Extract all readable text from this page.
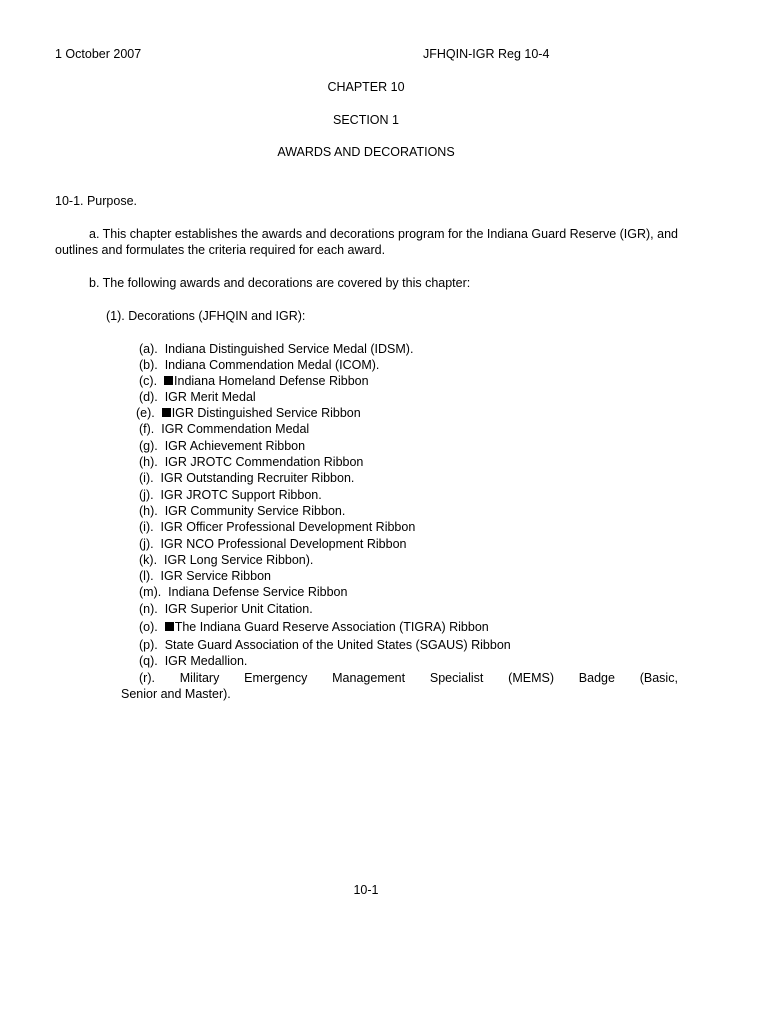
1 October 2007	JFHQIN-IGR Reg 10-4
CHAPTER 10
SECTION 1
AWARDS AND DECORATIONS
10-1. Purpose.
a. This chapter establishes the awards and decorations program for the Indiana Guard Reserve (IGR), and outlines and formulates the criteria required for each award.
b. The following awards and decorations are covered by this chapter:
(1). Decorations (JFHQIN and IGR):
(a). Indiana Distinguished Service Medal (IDSM).
(b). Indiana Commendation Medal (ICOM).
(c). Indiana Homeland Defense Ribbon
(d). IGR Merit Medal
(e). IGR Distinguished Service Ribbon
(f). IGR Commendation Medal
(g). IGR Achievement Ribbon
(h). IGR JROTC Commendation Ribbon
(i). IGR Outstanding Recruiter Ribbon.
(j). IGR JROTC Support Ribbon.
(h). IGR Community Service Ribbon.
(i). IGR Officer Professional Development Ribbon
(j). IGR NCO Professional Development Ribbon
(k). IGR Long Service Ribbon).
(l). IGR Service Ribbon
(m). Indiana Defense Service Ribbon
(n). IGR Superior Unit Citation.
(o). The Indiana Guard Reserve Association (TIGRA) Ribbon
(p). State Guard Association of the United States (SGAUS) Ribbon
(q). IGR Medallion.
(r). Military Emergency Management Specialist (MEMS) Badge (Basic,
Senior and Master).
10-1
